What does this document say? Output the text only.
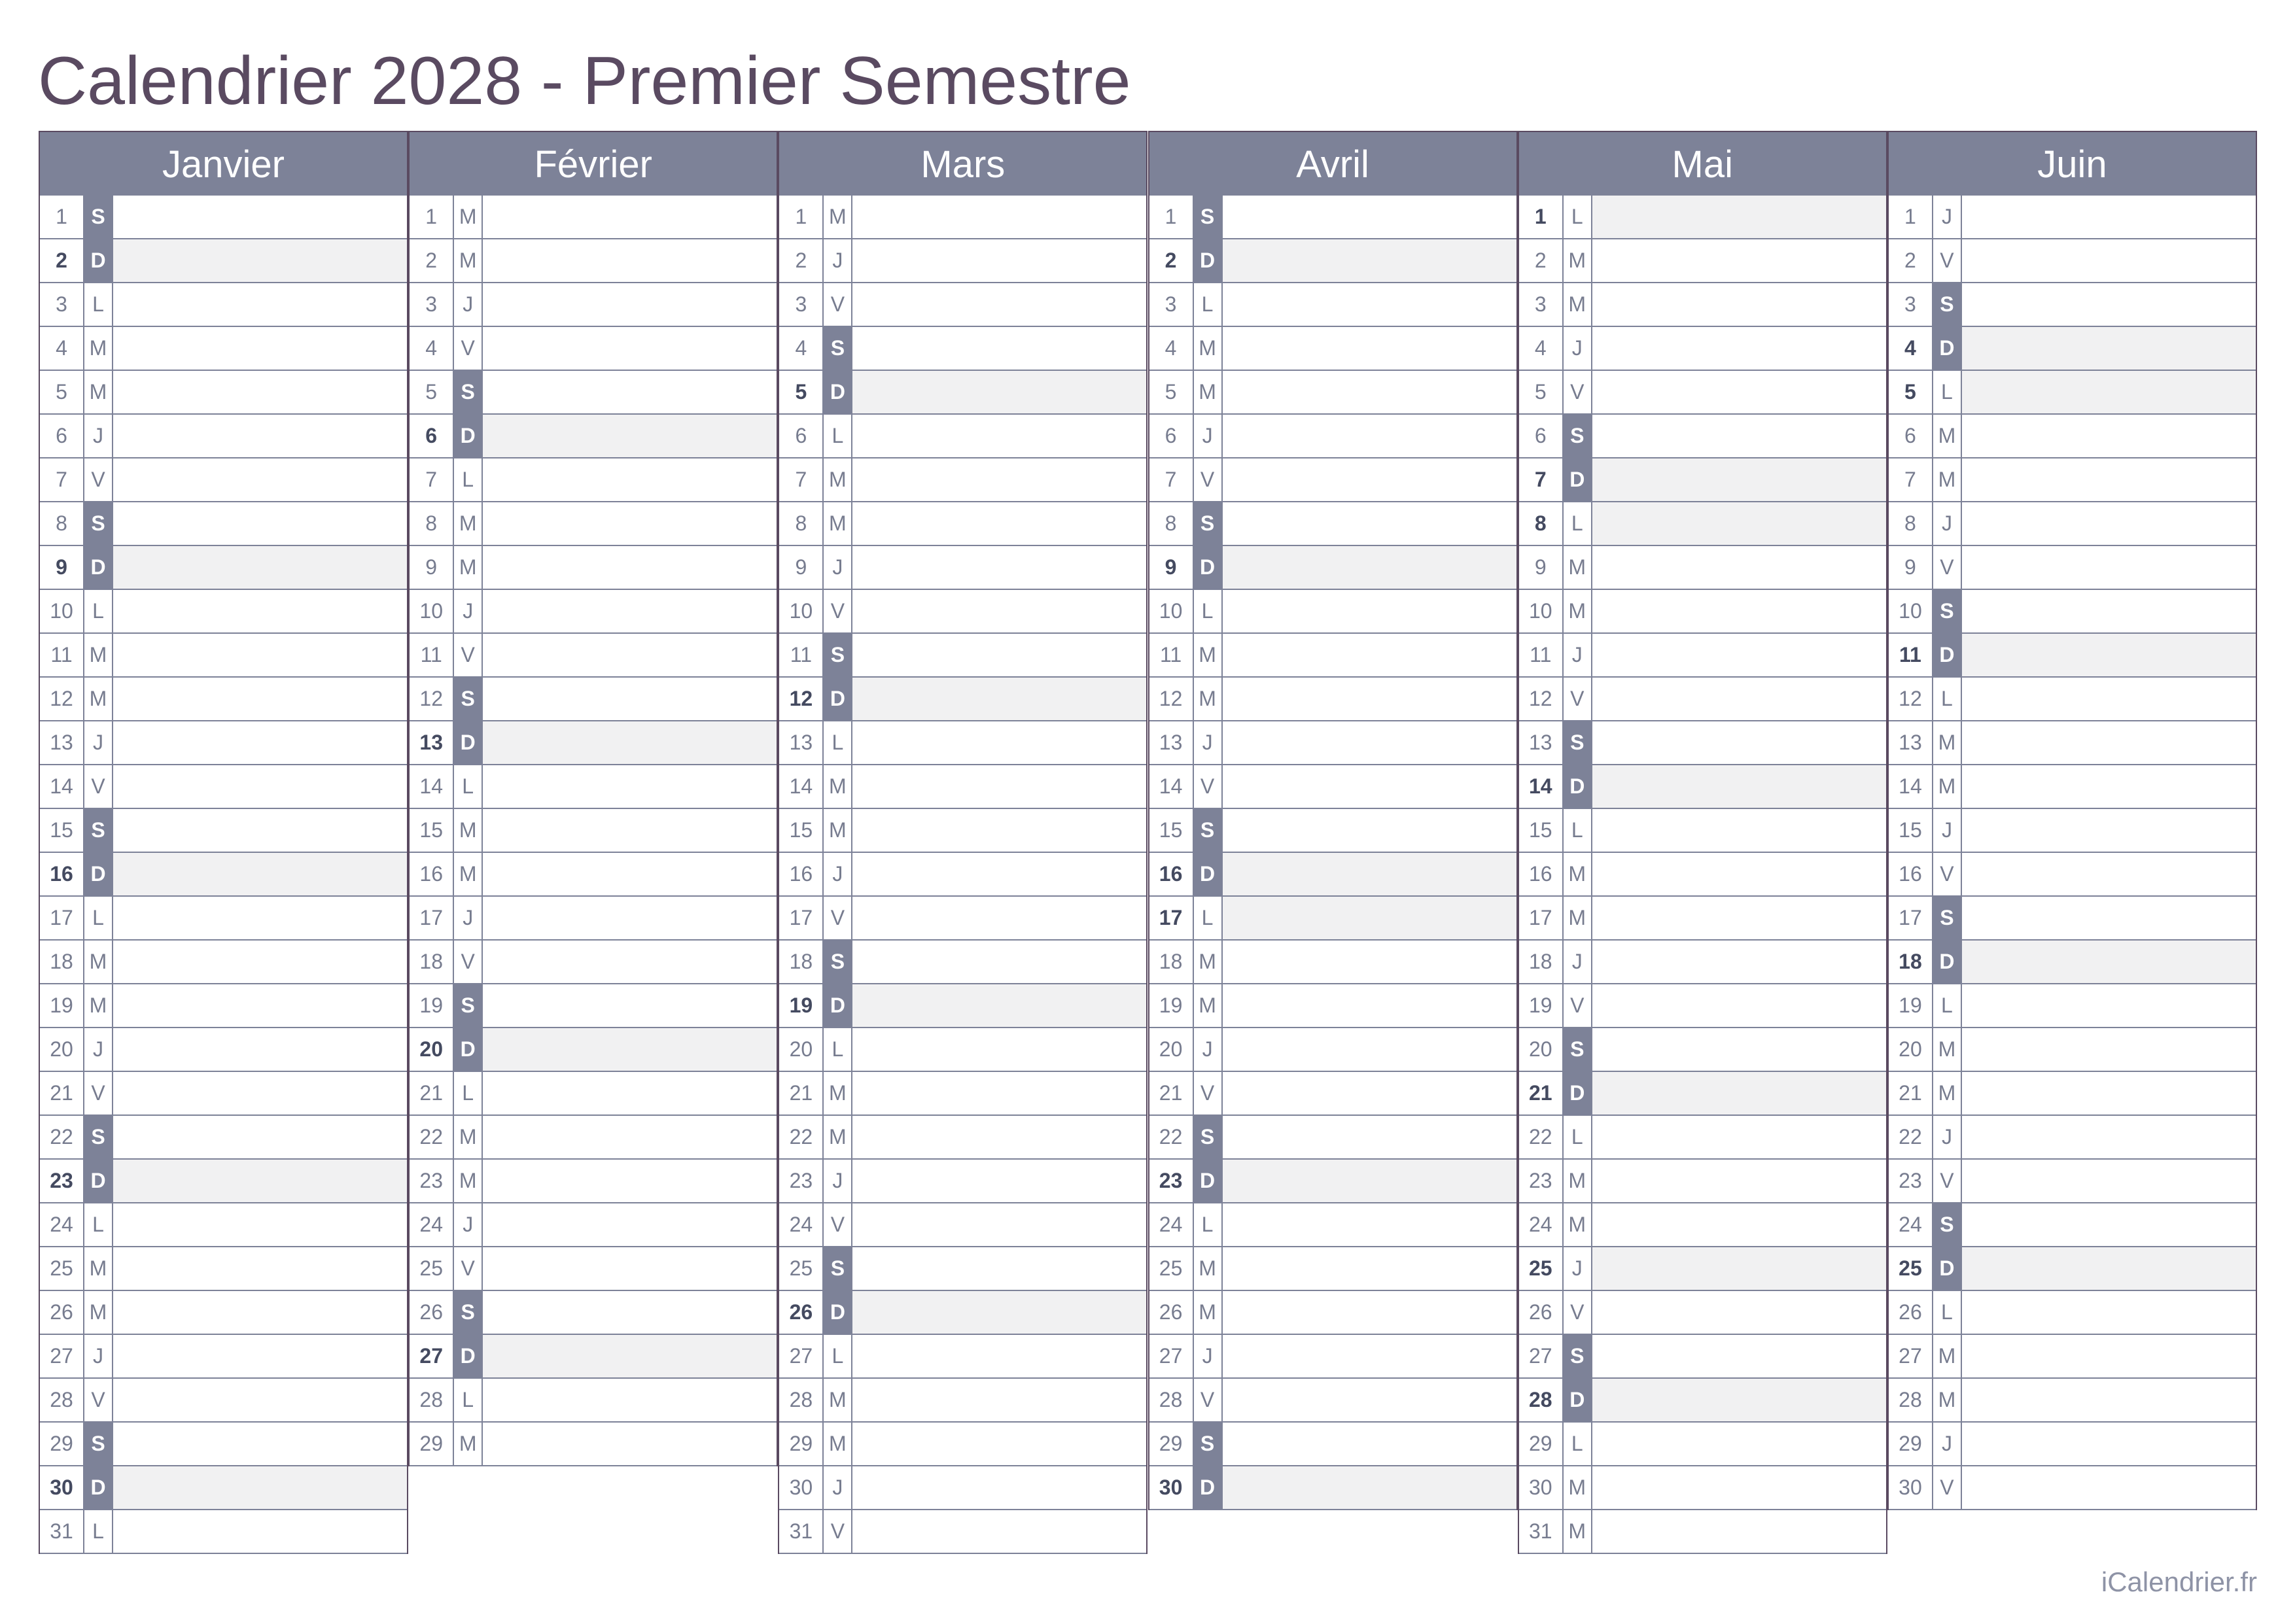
Calendrier 2028 - Premier Semestre
Janvier
1	S
2	D
3	L
4	M
5	M
6	J
7	V
8	S
9	D
10 L
11 M
12 M
13 J
14 V
15 S
16 D
17 L
18 M
19 M
20 J
21 V
22 S
23 D
24 L
25 M
26 M
27 J
28 V
29 S
30 D
31 L
Février
1	M
2	M
3	J
4	V
5	S
6	D
7	L
8	M
9	M
10 J
11 V
12 S
13 D
14 L
15 M
16 M
17 J
18 V
19 S
20 D
21 L
22 M
23 M
24 J
25 V
26 S
27 D
28 L
29 M
Mars
1	M
2	J
3	V
4	S
5	D
6	L
7	M
8	M
9	J
10 V
11 S
12 D
13 L
14 M
15 M
16 J
17 V
18 S
19 D
20 L
21 M
22 M
23 J
24 V
25 S
26 D
27 L
28 M
29 M
30 J
31 V
Avril
1	S
2	D
3	L
4	M
5	M
6	J
7	V
8	S
9	D
10 L
11 M
12 M
13 J
14 V
15 S
16 D
17 L
18 M
19 M
20 J
21 V
22 S
23 D
24 L
25 M
26 M
27 J
28 V
29 S
30 D
Mai
1	L
2	M
3	M
4	J
5	V
6	S
7	D
8	L
9	M
10 M
11 J
12 V
13 S
14 D
15 L
16 M
17 M
18 J
19 V
20 S
21 D
22 L
23 M
24 M
25 J
26 V
27 S
28 D
29 L
30 M
31 M
Juin
1	J
2	V
3	S
4	D
5	L
6	M
7	M
8	J
9	V
10 S
11 D
12 L
13 M
14 M
15 J
16 V
17 S
18 D
19 L
20 M
21 M
22 J
23 V
24 S
25 D
26 L
27 M
28 M
29 J
30 V
iCalendrier.fr
